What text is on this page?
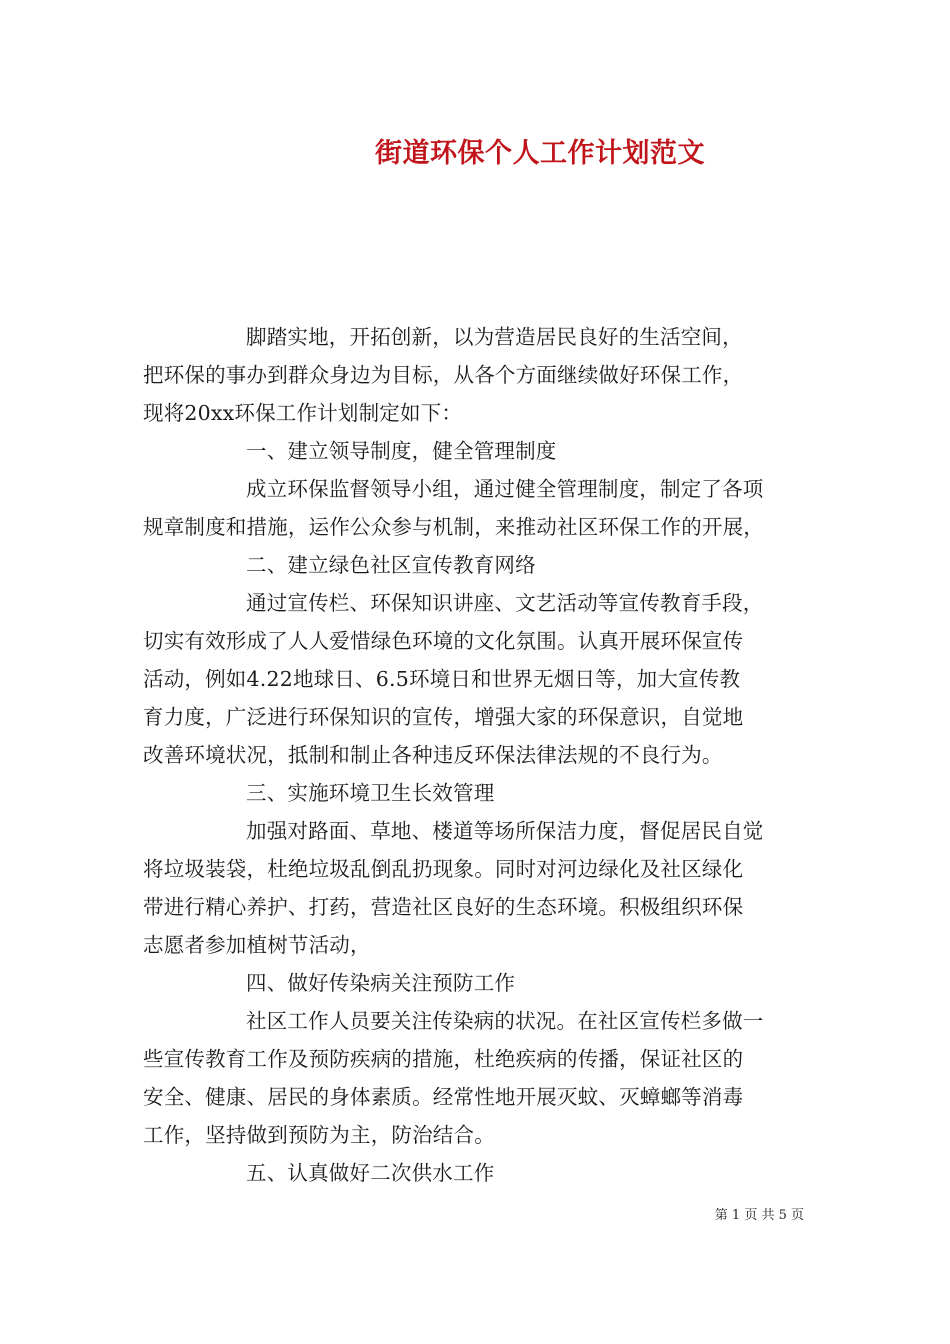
街道环保个人工作计划范文
脚踏实地，开拓创新，以为营造居民良好的生活空间，
把环保的事办到群众身边为目标，从各个方面继续做好环保工作，
现将20xx环保工作计划制定如下：
一、建立领导制度，健全管理制度
成立环保监督领导小组，通过健全管理制度，制定了各项
规章制度和措施，运作公众参与机制，来推动社区环保工作的开展，
二、建立绿色社区宣传教育网络
通过宣传栏、环保知识讲座、文艺活动等宣传教育手段，
切实有效形成了人人爱惜绿色环境的文化氛围。认真开展环保宣传
活动，例如4.22地球日、6.5环境日和世界无烟日等，加大宣传教
育力度，广泛进行环保知识的宣传，增强大家的环保意识，自觉地
改善环境状况，抵制和制止各种违反环保法律法规的不良行为。
三、实施环境卫生长效管理
加强对路面、草地、楼道等场所保洁力度，督促居民自觉
将垃圾装袋，杜绝垃圾乱倒乱扔现象。同时对河边绿化及社区绿化
带进行精心养护、打药，营造社区良好的生态环境。积极组织环保
志愿者参加植树节活动，
四、做好传染病关注预防工作
社区工作人员要关注传染病的状况。在社区宣传栏多做一
些宣传教育工作及预防疾病的措施，杜绝疾病的传播，保证社区的
安全、健康、居民的身体素质。经常性地开展灭蚊、灭蟑螂等消毒
工作，坚持做到预防为主，防治结合。
五、认真做好二次供水工作
第 1 页 共 5 页
